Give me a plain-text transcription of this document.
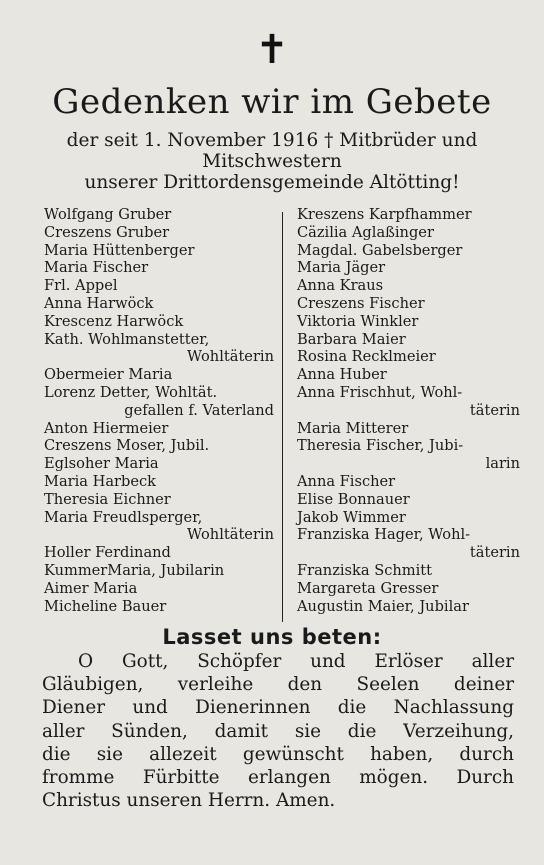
✝
Gedenken wir im Gebete
der seit 1. November 1916 † Mitbrüder und
Mitschwestern
unserer Drittordensgemeinde Altötting!
Wolfgang Gruber
Creszens Gruber
Maria Hüttenberger
Maria Fischer
Frl. Appel
Anna Harwöck
Krescenz Harwöck
Kath. Wohlmanstetter,
Wohltäterin
Obermeier Maria
Lorenz Detter, Wohltät.
gefallen f. Vaterland
Anton Hiermeier
Creszens Moser, Jubil.
Eglsoher Maria
Maria Harbeck
Theresia Eichner
Maria Freudlsperger,
Wohltäterin
Holler Ferdinand
KummerMaria, Jubilarin
Aimer Maria
Micheline Bauer
Kreszens Karpfhammer
Cäzilia Aglaßinger
Magdal. Gabelsberger
Maria Jäger
Anna Kraus
Creszens Fischer
Viktoria Winkler
Barbara Maier
Rosina Recklmeier
Anna Huber
Anna Frischhut, Wohl-
täterin
Maria Mitterer
Theresia Fischer, Jubi-
larin
Anna Fischer
Elise Bonnauer
Jakob Wimmer
Franziska Hager, Wohl-
täterin
Franziska Schmitt
Margareta Gresser
Augustin Maier, Jubilar
Lasset uns beten:
O Gott, Schöpfer und Erlöser aller
Gläubigen, verleihe den Seelen deiner
Diener und Dienerinnen die Nachlassung
aller Sünden, damit sie die Verzeihung,
die sie allezeit gewünscht haben, durch
fromme Fürbitte erlangen mögen. Durch
Christus unseren Herrn. Amen.
